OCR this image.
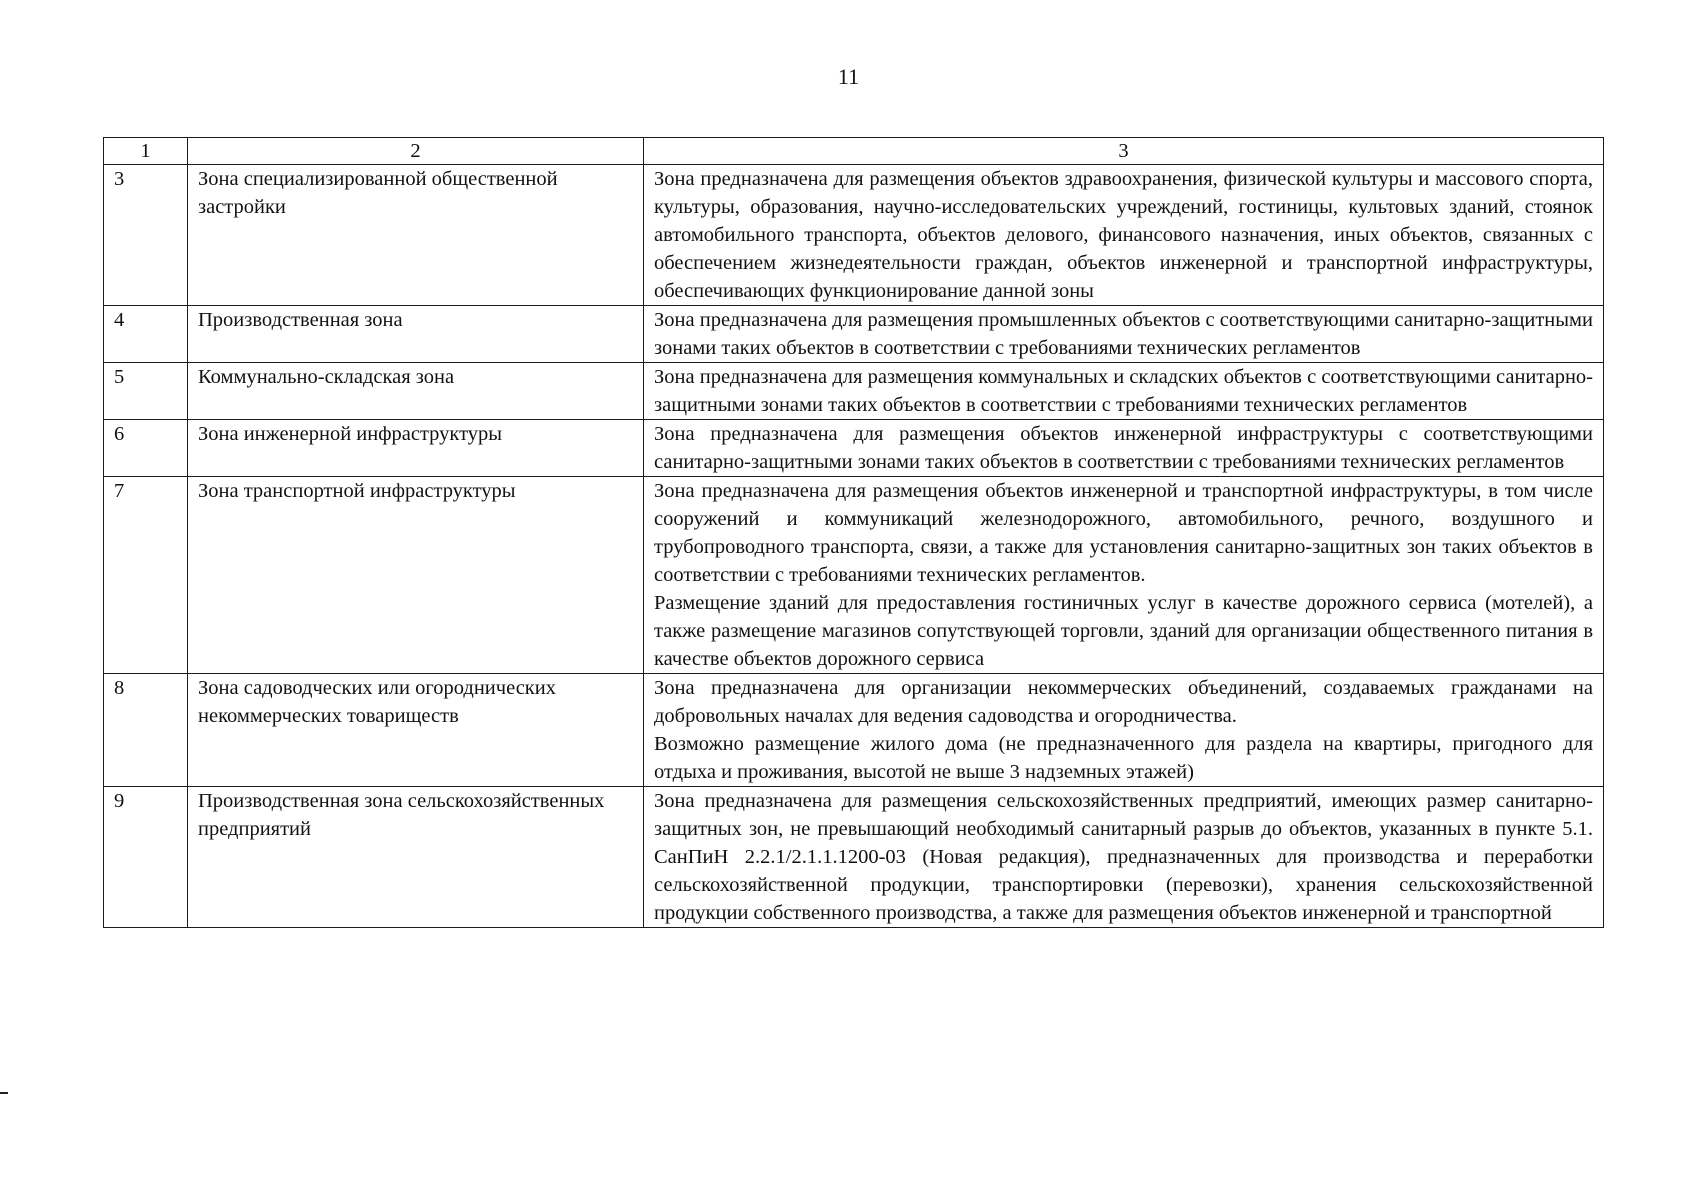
11
1	2	3
3	Зона специализированной общественной застройки	Зона предназначена для размещения объектов здравоохранения, физической культуры и массового спорта, культуры, образования, научно-исследовательских учреждений, гостиницы, культовых зданий, стоянок автомобильного транспорта, объектов делового, финансового назначения, иных объектов, связанных с обеспечением жизнедеятельности граждан, объектов инженерной и транспортной инфраструктуры, обеспечивающих функционирование данной зоны

4	Производственная зона	Зона предназначена для размещения промышленных объектов с соответствующими санитарно-защитными зонами таких объектов в соответствии с требованиями технических регламентов

5	Коммунально-складская зона	Зона предназначена для размещения коммунальных и складских объектов с соответствующими санитарно-защитными зонами таких объектов в соответствии с требованиями технических регламентов

6	Зона инженерной инфраструктуры	Зона предназначена для размещения объектов инженерной инфраструктуры с соответствующими санитарно-защитными зонами таких объектов в соответствии с требованиями технических регламентов

7	Зона транспортной инфраструктуры	Зона предназначена для размещения объектов инженерной и транспортной инфраструктуры, в том числе сооружений и коммуникаций железнодорожного, автомобильного, речного, воздушного и трубопроводного транспорта, связи, а также для установления санитарно-защитных зон таких объектов в соответствии с требованиями технических регламентов.

Размещение зданий для предоставления гостиничных услуг в качестве дорожного сервиса (мотелей), а также размещение магазинов сопутствующей торговли, зданий для организации общественного питания в качестве объектов дорожного сервиса

8	Зона садоводческих или огороднических некоммерческих товариществ	Зона предназначена для организации некоммерческих объединений, создаваемых гражданами на добровольных началах для ведения садоводства и огородничества.

Возможно размещение жилого дома (не предназначенного для раздела на квартиры, пригодного для отдыха и проживания, высотой не выше 3 надземных этажей)

9	Производственная зона сельскохозяйственных предприятий	Зона предназначена для размещения сельскохозяйственных предприятий, имеющих размер санитарно-защитных зон, не превышающий необходимый санитарный разрыв до объектов, указанных в пункте 5.1. СанПиН 2.2.1/2.1.1.1200-03 (Новая редакция), предназначенных для производства и переработки сельскохозяйственной продукции, транспортировки (перевозки), хранения сельскохозяйственной продукции собственного производства, а также для размещения объектов инженерной и транспортной
